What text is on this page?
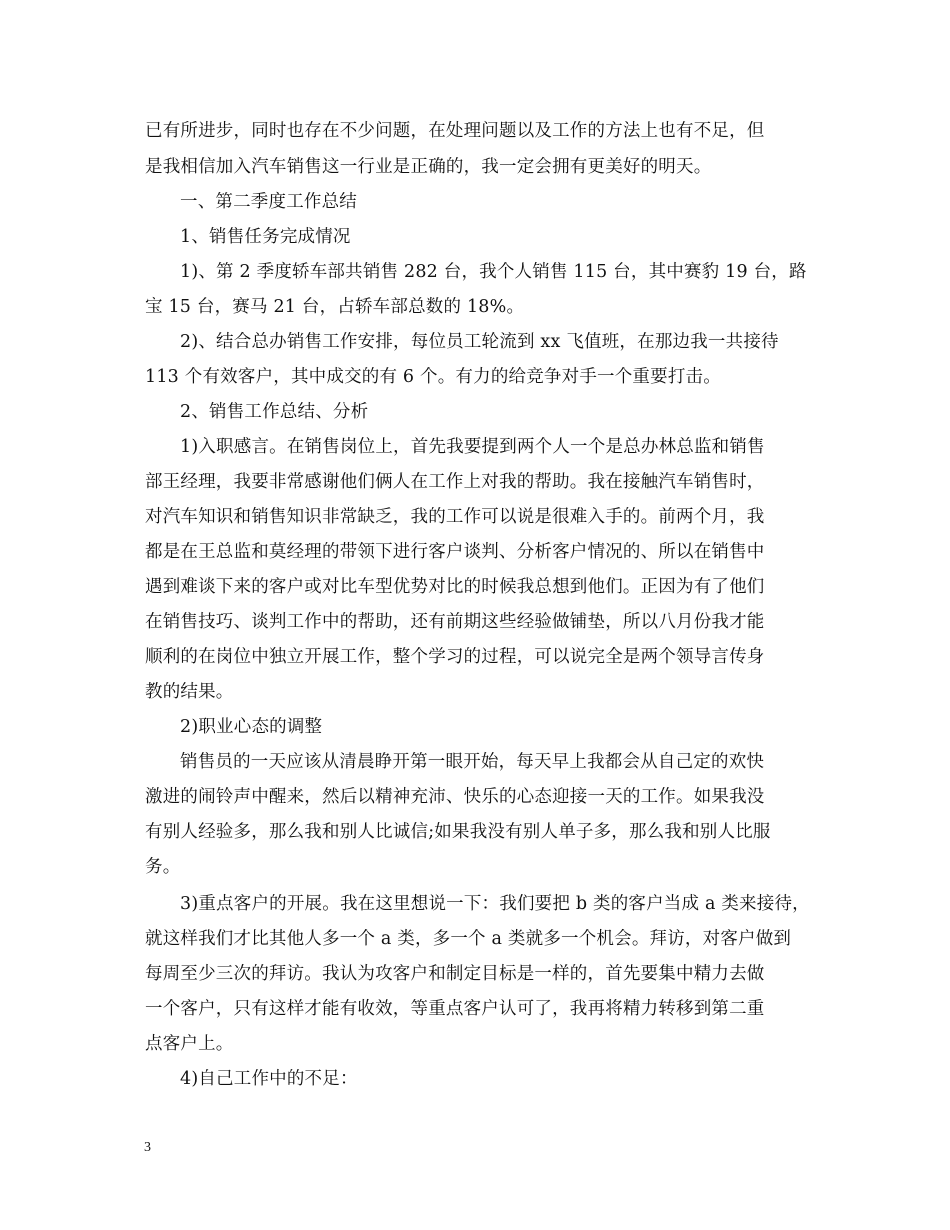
已有所进步，同时也存在不少问题，在处理问题以及工作的方法上也有不足，但
是我相信加入汽车销售这一行业是正确的，我一定会拥有更美好的明天。
一、第二季度工作总结
1、销售任务完成情况
1)、第 2 季度轿车部共销售 282 台，我个人销售 115 台，其中赛豹 19 台，路
宝 15 台，赛马 21 台，占轿车部总数的 18%。
2)、结合总办销售工作安排，每位员工轮流到 xx 飞值班，在那边我一共接待
113 个有效客户，其中成交的有 6 个。有力的给竞争对手一个重要打击。
2、销售工作总结、分析
1)入职感言。在销售岗位上，首先我要提到两个人一个是总办林总监和销售
部王经理，我要非常感谢他们俩人在工作上对我的帮助。我在接触汽车销售时，
对汽车知识和销售知识非常缺乏，我的工作可以说是很难入手的。前两个月，我
都是在王总监和莫经理的带领下进行客户谈判、分析客户情况的、所以在销售中
遇到难谈下来的客户或对比车型优势对比的时候我总想到他们。正因为有了他们
在销售技巧、谈判工作中的帮助，还有前期这些经验做铺垫，所以八月份我才能
顺利的在岗位中独立开展工作，整个学习的过程，可以说完全是两个领导言传身
教的结果。
2)职业心态的调整
销售员的一天应该从清晨睁开第一眼开始，每天早上我都会从自己定的欢快
激进的闹铃声中醒来，然后以精神充沛、快乐的心态迎接一天的工作。如果我没
有别人经验多，那么我和别人比诚信;如果我没有别人单子多，那么我和别人比服
务。
3)重点客户的开展。我在这里想说一下：我们要把 b 类的客户当成 a 类来接待，
就这样我们才比其他人多一个 a 类，多一个 a 类就多一个机会。拜访，对客户做到
每周至少三次的拜访。我认为攻客户和制定目标是一样的，首先要集中精力去做
一个客户，只有这样才能有收效，等重点客户认可了，我再将精力转移到第二重
点客户上。
4)自己工作中的不足：
3
